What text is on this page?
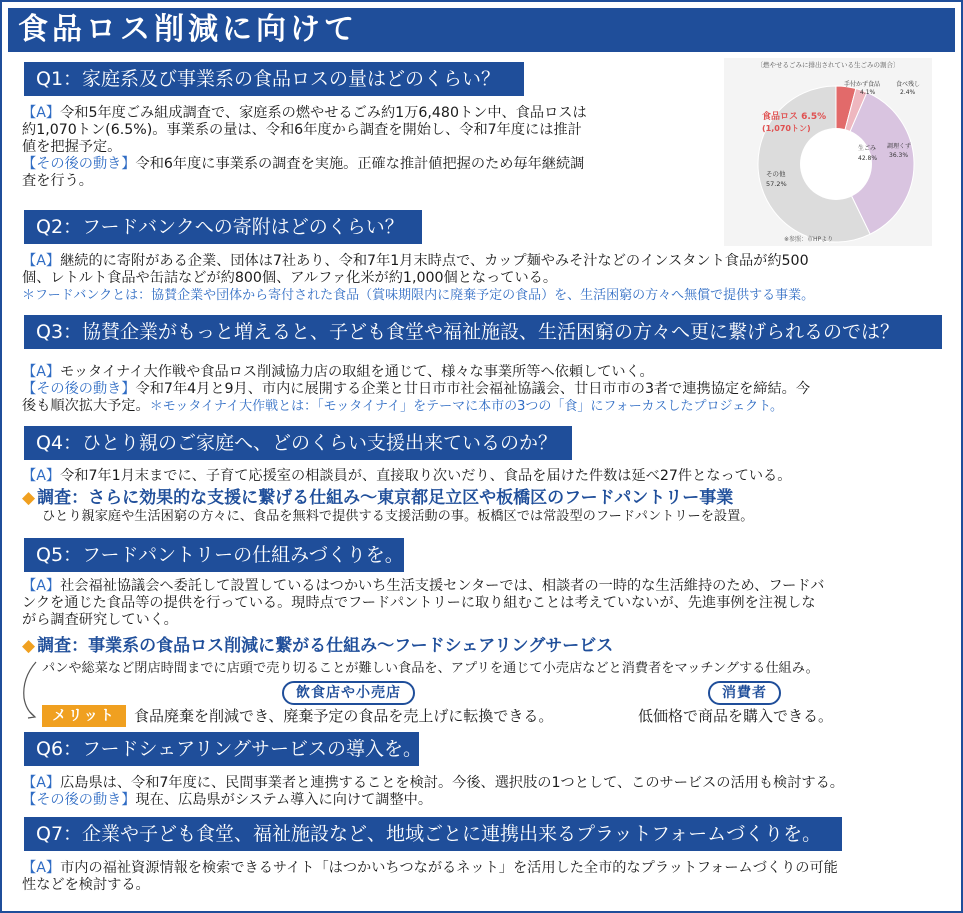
食品ロス削減に向けて
〔燃やせるごみに排出されている生ごみの割合〕
食品ロス 6.5%
(1,070トン)
手付かず食品
4.1%
食べ残し
2.4%
調理くず
36.3%
生ごみ
42.8%
その他
57.2%
※参照：市HPより
Q1：家庭系及び事業系の食品ロスの量はどのくらい？
【A】令和5年度ごみ組成調査で、家庭系の燃やせるごみ約1万6,480トン中、食品ロスは
約1,070トン(6.5%)。事業系の量は、令和6年度から調査を開始し、令和7年度には推計
値を把握予定。
【その後の動き】令和6年度に事業系の調査を実施。正確な推計値把握のため毎年継続調
査を行う。
Q2：フードバンクへの寄附はどのくらい？
【A】継続的に寄附がある企業、団体は7社あり、令和7年1月末時点で、カップ麺やみそ汁などのインスタント食品が約500
個、レトルト食品や缶詰などが約800個、アルファ化米が約1,000個となっている。
＊フードバンクとは：協賛企業や団体から寄付された食品（賞味期限内に廃棄予定の食品）を、生活困窮の方々へ無償で提供する事業。
Q3：協賛企業がもっと増えると、子ども食堂や福祉施設、生活困窮の方々へ更に繋げられるのでは？
【A】モッタイナイ大作戦や食品ロス削減協力店の取組を通じて、様々な事業所等へ依頼していく。
【その後の動き】令和7年4月と9月、市内に展開する企業と廿日市市社会福祉協議会、廿日市市の3者で連携協定を締結。今
後も順次拡大予定。＊モッタイナイ大作戦とは：「モッタイナイ」をテーマに本市の3つの「食」にフォーカスしたプロジェクト。
Q4：ひとり親のご家庭へ、どのくらい支援出来ているのか？
【A】令和7年1月末までに、子育て応援室の相談員が、直接取り次いだり、食品を届けた件数は延べ27件となっている。
◆ 調査：さらに効果的な支援に繋げる仕組み〜東京都足立区や板橋区のフードパントリー事業
ひとり親家庭や生活困窮の方々に、食品を無料で提供する支援活動の事。板橋区では常設型のフードパントリーを設置。
Q5：フードパントリーの仕組みづくりを。
【A】社会福祉協議会へ委託して設置しているはつかいち生活支援センターでは、相談者の一時的な生活維持のため、フードバ
ンクを通じた食品等の提供を行っている。現時点でフードパントリーに取り組むことは考えていないが、先進事例を注視しな
がら調査研究していく。
◆ 調査：事業系の食品ロス削減に繋がる仕組み〜フードシェアリングサービス
パンや総菜など閉店時間までに店頭で売り切ることが難しい食品を、アプリを通じて小売店などと消費者をマッチングする仕組み。
飲食店や小売店	消費者
メリット	食品廃棄を削減でき、廃棄予定の食品を売上げに転換できる。	低価格で商品を購入できる。
Q6：フードシェアリングサービスの導入を。
【A】広島県は、令和7年度に、民間事業者と連携することを検討。今後、選択肢の1つとして、このサービスの活用も検討する。
【その後の動き】現在、広島県がシステム導入に向けて調整中。
Q7：企業や子ども食堂、福祉施設など、地域ごとに連携出来るプラットフォームづくりを。
【A】市内の福祉資源情報を検索できるサイト「はつかいちつながるネット」を活用した全市的なプラットフォームづくりの可能
性などを検討する。
